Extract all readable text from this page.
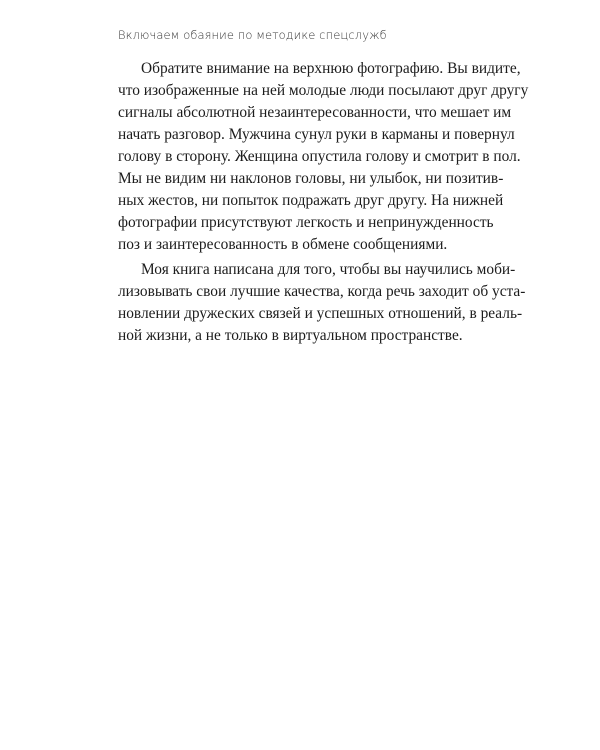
Включаем обаяние по методике спецслужб
Обратите внимание на верхнюю фотографию. Вы видите,
что изображенные на ней молодые люди посылают друг другу
сигналы абсолютной незаинтересованности, что мешает им
начать разговор. Мужчина сунул руки в карманы и повернул
голову в сторону. Женщина опустила голову и смотрит в пол.
Мы не видим ни наклонов головы, ни улыбок, ни позитив-
ных жестов, ни попыток подражать друг другу. На нижней
фотографии присутствуют легкость и непринужденность
поз и заинтересованность в обмене сообщениями.
Моя книга написана для того, чтобы вы научились моби-
лизовывать свои лучшие качества, когда речь заходит об уста-
новлении дружеских связей и успешных отношений, в реаль-
ной жизни, а не только в виртуальном пространстве.
